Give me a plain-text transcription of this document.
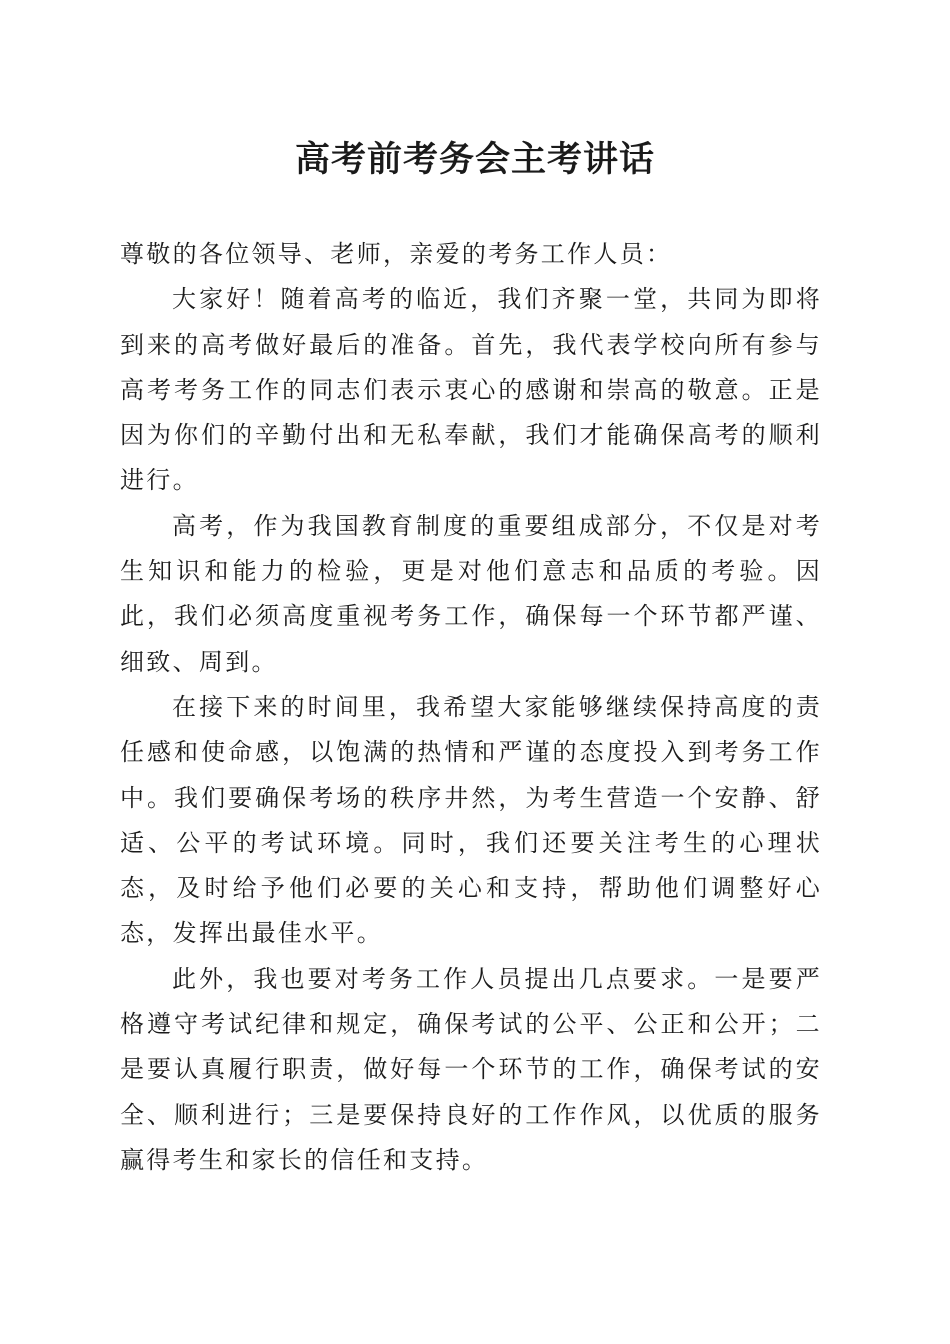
高考前考务会主考讲话

尊敬的各位领导、老师，亲爱的考务工作人员：

大家好！随着高考的临近，我们齐聚一堂，共同为即将到来的高考做好最后的准备。首先，我代表学校向所有参与高考考务工作的同志们表示衷心的感谢和崇高的敬意。正是因为你们的辛勤付出和无私奉献，我们才能确保高考的顺利进行。

高考，作为我国教育制度的重要组成部分，不仅是对考生知识和能力的检验，更是对他们意志和品质的考验。因此，我们必须高度重视考务工作，确保每一个环节都严谨、细致、周到。

在接下来的时间里，我希望大家能够继续保持高度的责任感和使命感，以饱满的热情和严谨的态度投入到考务工作中。我们要确保考场的秩序井然，为考生营造一个安静、舒适、公平的考试环境。同时，我们还要关注考生的心理状态，及时给予他们必要的关心和支持，帮助他们调整好心态，发挥出最佳水平。

此外，我也要对考务工作人员提出几点要求。一是要严格遵守考试纪律和规定，确保考试的公平、公正和公开；二是要认真履行职责，做好每一个环节的工作，确保考试的安全、顺利进行；三是要保持良好的工作作风，以优质的服务赢得考生和家长的信任和支持。
